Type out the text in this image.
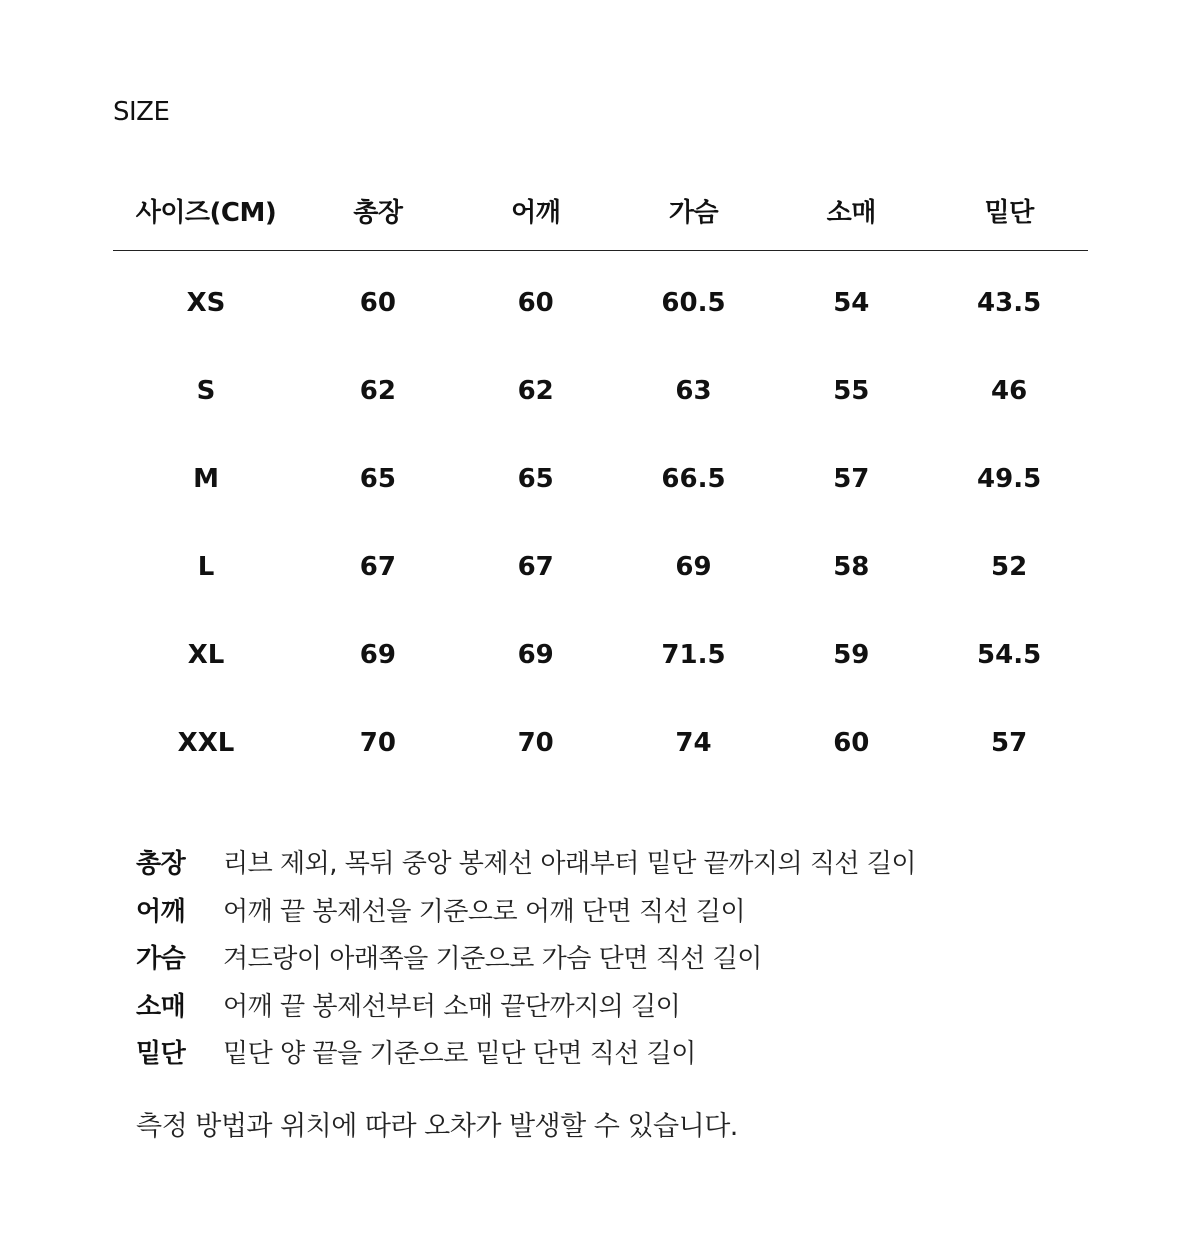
SIZE
사이즈(CM)	총장	어깨	가슴	소매	밑단
XS	60	60	60.5	54	43.5
S	62	62	63	55	46
M	65	65	66.5	57	49.5
L	67	67	69	58	52
XL	69	69	71.5	59	54.5
XXL	70	70	74	60	57
총장	리브 제외, 목뒤 중앙 봉제선 아래부터 밑단 끝까지의 직선 길이
어깨	어깨 끝 봉제선을 기준으로 어깨 단면 직선 길이
가슴	겨드랑이 아래쪽을 기준으로 가슴 단면 직선 길이
소매	어깨 끝 봉제선부터 소매 끝단까지의 길이
밑단	밑단 양 끝을 기준으로 밑단 단면 직선 길이
측정 방법과 위치에 따라 오차가 발생할 수 있습니다.
